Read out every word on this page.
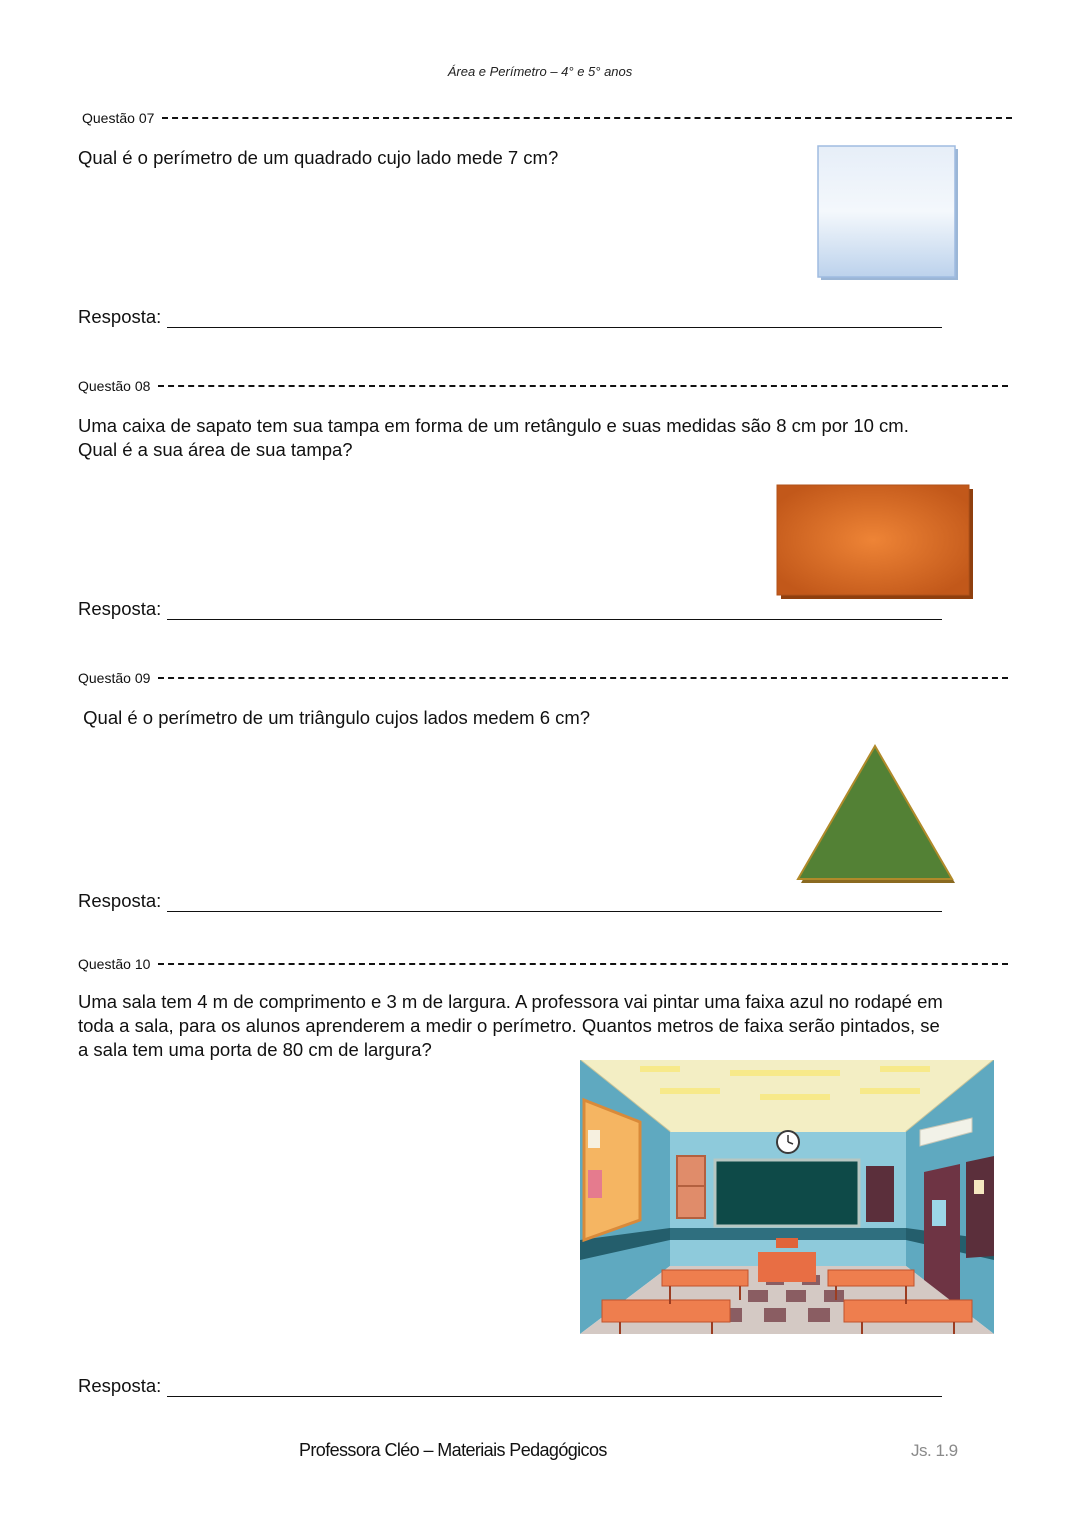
Área e Perímetro – 4° e 5° anos
Questão 07
Qual é o perímetro de um quadrado cujo lado mede 7 cm?
Resposta:
Questão 08
Uma caixa de sapato tem sua tampa em forma de um retângulo e suas medidas são 8 cm por 10 cm.
Qual é a sua área de sua tampa?
Resposta:
Questão 09
Qual é o perímetro de um triângulo cujos lados medem 6 cm?
Resposta:
Questão 10
Uma sala tem 4 m de comprimento e 3 m de largura. A professora vai pintar uma faixa azul no rodapé em
toda a sala, para os alunos aprenderem a medir o perímetro. Quantos metros de faixa serão pintados, se
a sala tem uma porta de 80 cm de largura?
Resposta:
Professora Cléo – Materiais Pedagógicos	Js. 1.9
